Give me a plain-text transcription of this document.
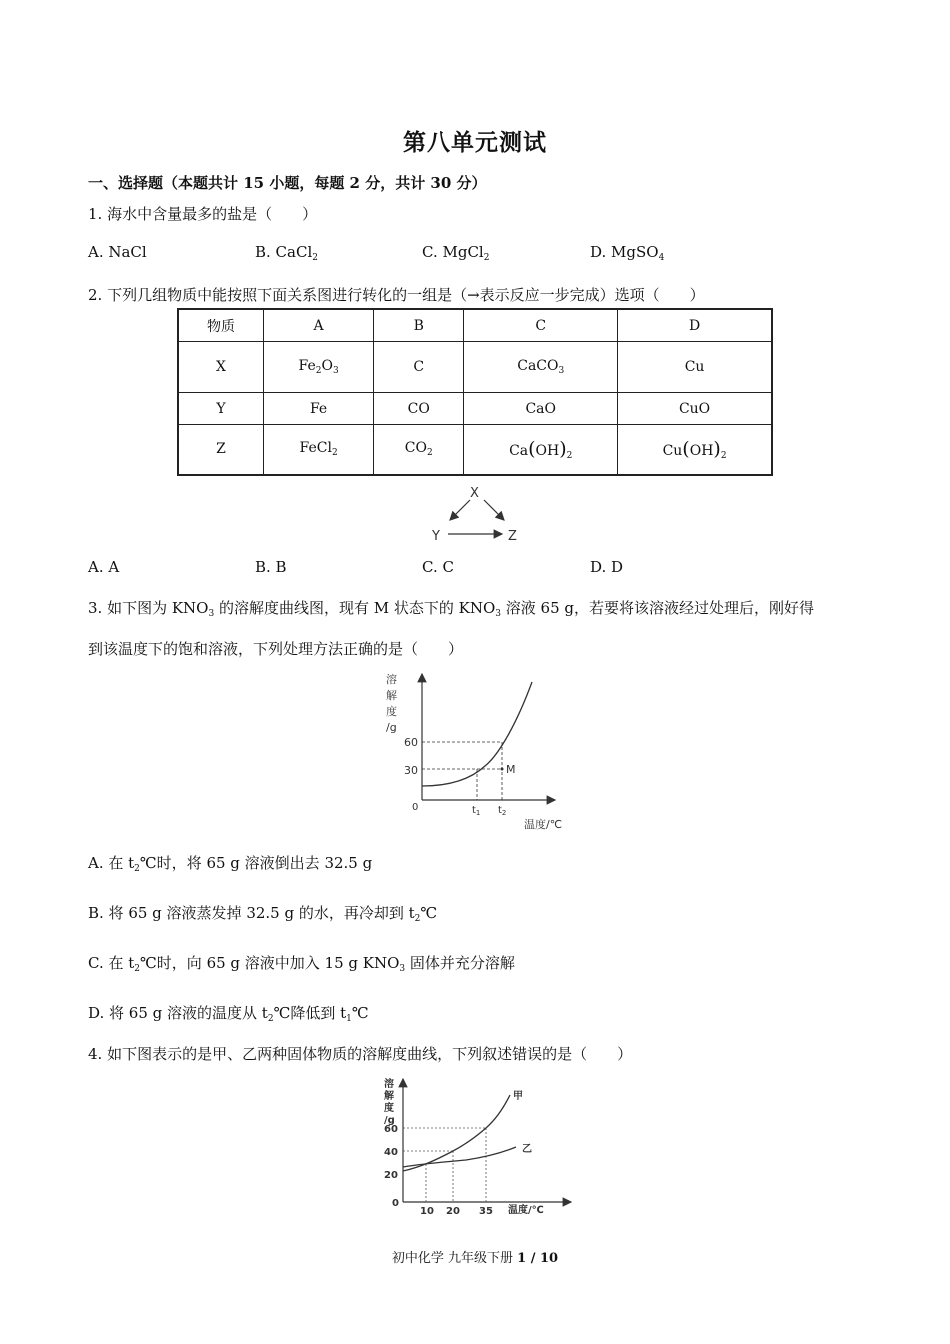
第八单元测试
一、选择题（本题共计 15 小题，每题 2 分，共计 30 分）
1. 海水中含量最多的盐是（　　）
A. NaCl	B. CaCl$_2$	C. MgCl$_2$	D. MgSO$_4$
2. 下列几组物质中能按照下面关系图进行转化的一组是（→表示反应一步完成）选项（　　）
物质	A	B	C	D
X	$Fe_2O_3$	C	CaCO$_3$	Cu
Y	Fe	CO	CaO	CuO
Z	FeCl$_2$	$CO_2$	$Ca(OH)_2$	$Cu(OH)_2$
X
Y	Z
A. A	B. B	C. C	D. D
3. 如下图为 $KNO_3$ 的溶解度曲线图，现有 M 状态下的 $KNO_3$ 溶液 65 g，若要将该溶液经过处理后，刚好得
到该温度下的饱和溶液，下列处理方法正确的是（　　）
溶
解
度
/g
60
30
0
M
$t_1$ $t_2$
温度/℃
A. 在 $t_2℃$时，将 65 g 溶液倒出去 32.5 g
B. 将 65 g 溶液蒸发掉 32.5 g 的水，再冷却到 $t_2℃$
C. 在 $t_2℃$时，向 65 g 溶液中加入 15 g $KNO_3$ 固体并充分溶解
D. 将 65 g 溶液的温度从 $t_2℃$降低到 $t_1℃$
4. 如下图表示的是甲、乙两种固体物质的溶解度曲线，下列叙述错误的是（　　）
溶
解
度
/g
60
40
20
0
甲
乙
10 20 35 温度/℃
初中化学 九年级下册 1 / 10
